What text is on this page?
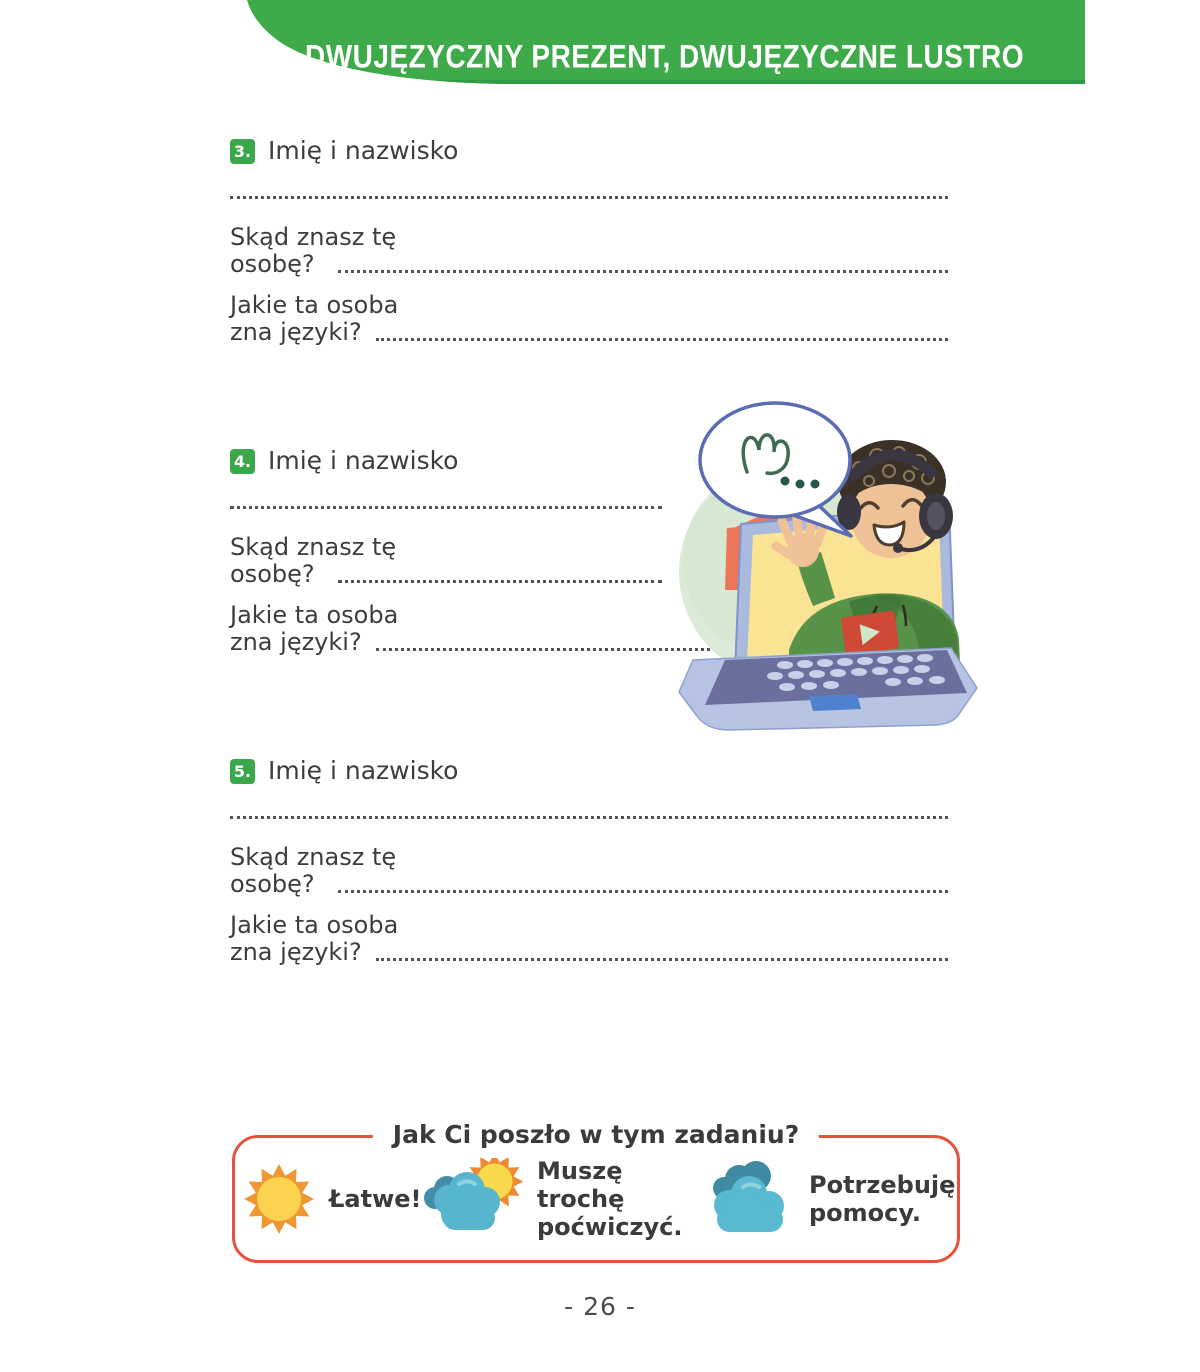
DWUJĘZYCZNY PREZENT, DWUJĘZYCZNE LUSTRO
3. Imię i nazwisko
Skąd znasz tę
osobę?
Jakie ta osoba
zna języki?
4. Imię i nazwisko
Skąd znasz tę
osobę?
Jakie ta osoba
zna języki?
5. Imię i nazwisko
Skąd znasz tę
osobę?
Jakie ta osoba
zna języki?
Jak Ci poszło w tym zadaniu?
Łatwe!
Muszę trochę poćwiczyć.
Potrzebuję pomocy.
- 26 -
